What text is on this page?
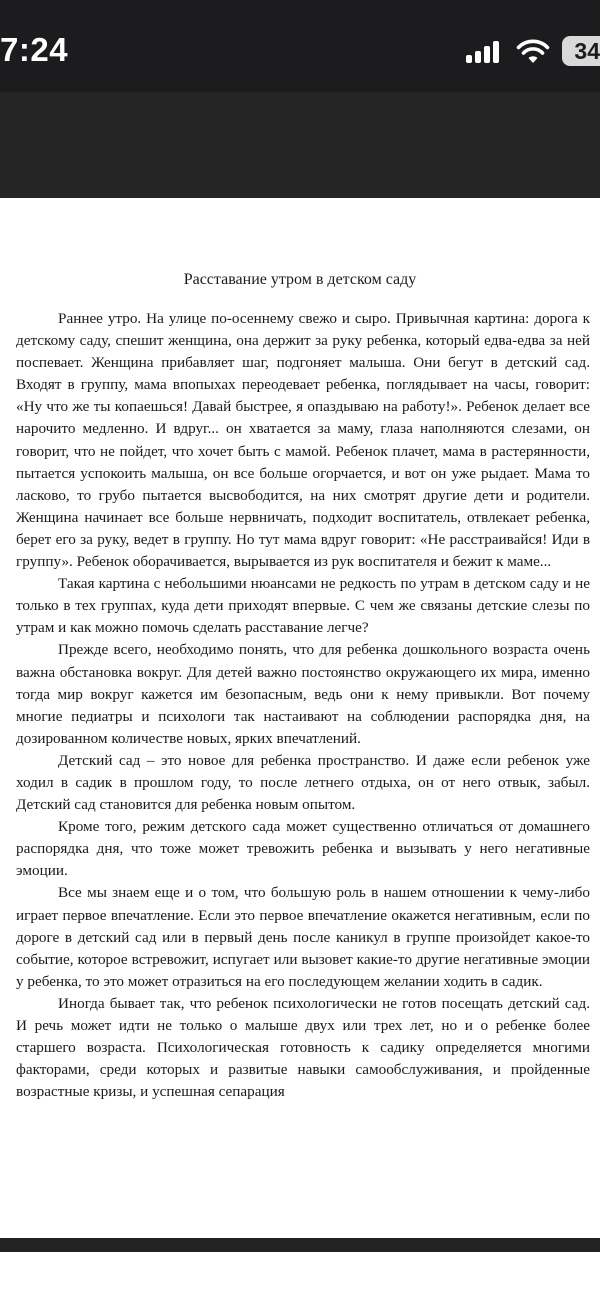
7:24	34
Расставание утром в детском саду

Раннее утро. На улице по-осеннему свежо и сыро. Привычная картина: дорога к детскому саду, спешит женщина, она держит за руку ребенка, который едва-едва за ней поспевает. Женщина прибавляет шаг, подгоняет малыша. Они бегут в детский сад. Входят в группу, мама впопыхах переодевает ребенка, поглядывает на часы, говорит: «Ну что же ты копаешься! Давай быстрее, я опаздываю на работу!». Ребенок делает все нарочито медленно. И вдруг... он хватается за маму, глаза наполняются слезами, он говорит, что не пойдет, что хочет быть с мамой. Ребенок плачет, мама в растерянности, пытается успокоить малыша, он все больше огорчается, и вот он уже рыдает. Мама то ласково, то грубо пытается высвободится, на них смотрят другие дети и родители. Женщина начинает все больше нервничать, подходит воспитатель, отвлекает ребенка, берет его за руку, ведет в группу. Но тут мама вдруг говорит: «Не расстраивайся! Иди в группу». Ребенок оборачивается, вырывается из рук воспитателя и бежит к маме...

Такая картина с небольшими нюансами не редкость по утрам в детском саду и не только в тех группах, куда дети приходят впервые. С чем же связаны детские слезы по утрам и как можно помочь сделать расставание легче?

Прежде всего, необходимо понять, что для ребенка дошкольного возраста очень важна обстановка вокруг. Для детей важно постоянство окружающего их мира, именно тогда мир вокруг кажется им безопасным, ведь они к нему привыкли. Вот почему многие педиатры и психологи так настаивают на соблюдении распорядка дня, на дозированном количестве новых, ярких впечатлений.

Детский сад – это новое для ребенка пространство. И даже если ребенок уже ходил в садик в прошлом году, то после летнего отдыха, он от него отвык, забыл. Детский сад становится для ребенка новым опытом.

Кроме того, режим детского сада может существенно отличаться от домашнего распорядка дня, что тоже может тревожить ребенка и вызывать у него негативные эмоции.

Все мы знаем еще и о том, что большую роль в нашем отношении к чему-либо играет первое впечатление. Если это первое впечатление окажется негативным, если по дороге в детский сад или в первый день после каникул в группе произойдет какое-то событие, которое встревожит, испугает или вызовет какие-то другие негативные эмоции у ребенка, то это может отразиться на его последующем желании ходить в садик.

Иногда бывает так, что ребенок психологически не готов посещать детский сад. И речь может идти не только о малыше двух или трех лет, но и о ребенке более старшего возраста. Психологическая готовность к садику определяется многими факторами, среди которых и развитые навыки самообслуживания, и пройденные возрастные кризы, и успешная сепарация
